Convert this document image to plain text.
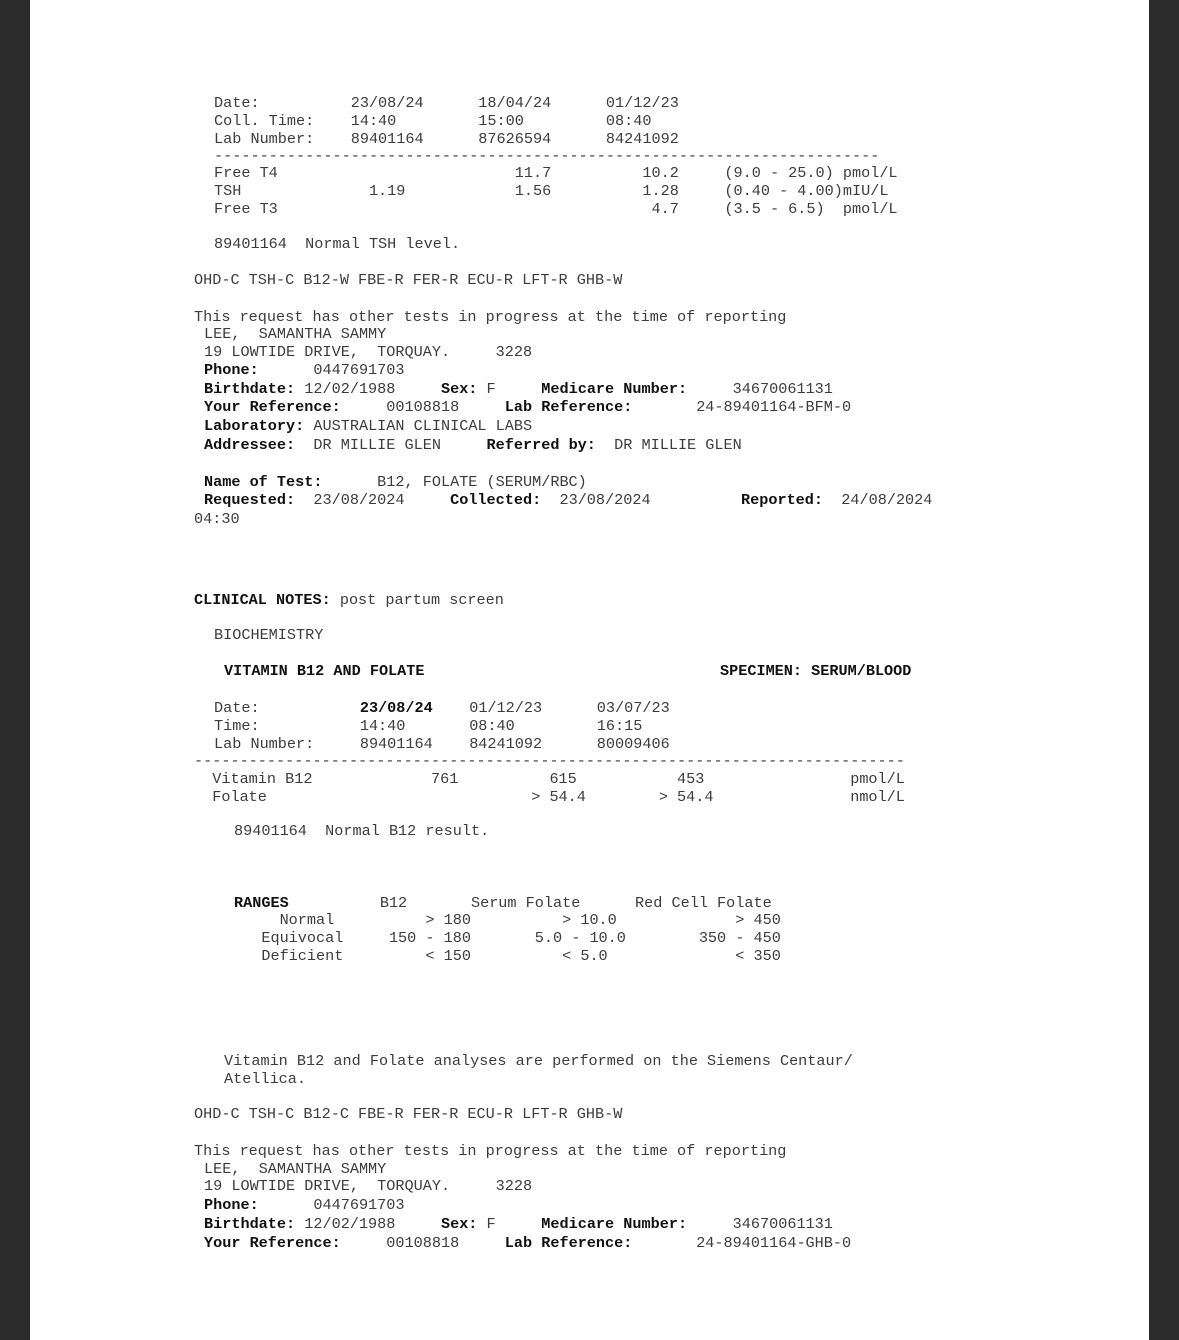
Date:          23/08/24      18/04/24      01/12/23
Coll. Time:    14:40         15:00         08:40
Lab Number:    89401164      87626594      84241092
-------------------------------------------------------------------------
Free T4                          11.7          10.2     (9.0 - 25.0) pmol/L
TSH              1.19            1.56          1.28     (0.40 - 4.00)mIU/L
Free T3                                         4.7     (3.5 - 6.5)  pmol/L
89401164  Normal TSH level.
OHD-C TSH-C B12-W FBE-R FER-R ECU-R LFT-R GHB-W
This request has other tests in progress at the time of reporting
LEE,  SAMANTHA SAMMY
19 LOWTIDE DRIVE,  TORQUAY.     3228
Phone:      0447691703
Birthdate: 12/02/1988     Sex: F     Medicare Number:     34670061131
Your Reference:     00108818     Lab Reference:       24-89401164-BFM-0
Laboratory: AUSTRALIAN CLINICAL LABS
Addressee:  DR MILLIE GLEN     Referred by:  DR MILLIE GLEN
Name of Test:      B12, FOLATE (SERUM/RBC)
Requested:  23/08/2024     Collected:  23/08/2024	Reported:  24/08/2024
04:30
CLINICAL NOTES: post partum screen
BIOCHEMISTRY
VITAMIN B12 AND FOLATE	SPECIMEN: SERUM/BLOOD
Date:           23/08/24    01/12/23      03/07/23
Time:           14:40       08:40         16:15
Lab Number:     89401164    84241092      80009406
------------------------------------------------------------------------------
Vitamin B12             761          615           453                pmol/L
Folate                             > 54.4        > 54.4               nmol/L
89401164  Normal B12 result.
RANGES          B12       Serum Folate      Red Cell Folate
Normal          > 180          > 10.0             > 450
Equivocal     150 - 180       5.0 - 10.0        350 - 450
Deficient         < 150          < 5.0              < 350
Vitamin B12 and Folate analyses are performed on the Siemens Centaur/
Atellica.
OHD-C TSH-C B12-C FBE-R FER-R ECU-R LFT-R GHB-W
This request has other tests in progress at the time of reporting
LEE,  SAMANTHA SAMMY
19 LOWTIDE DRIVE,  TORQUAY.     3228
Phone:      0447691703
Birthdate: 12/02/1988     Sex: F     Medicare Number:     34670061131
Your Reference:     00108818     Lab Reference:       24-89401164-GHB-0
